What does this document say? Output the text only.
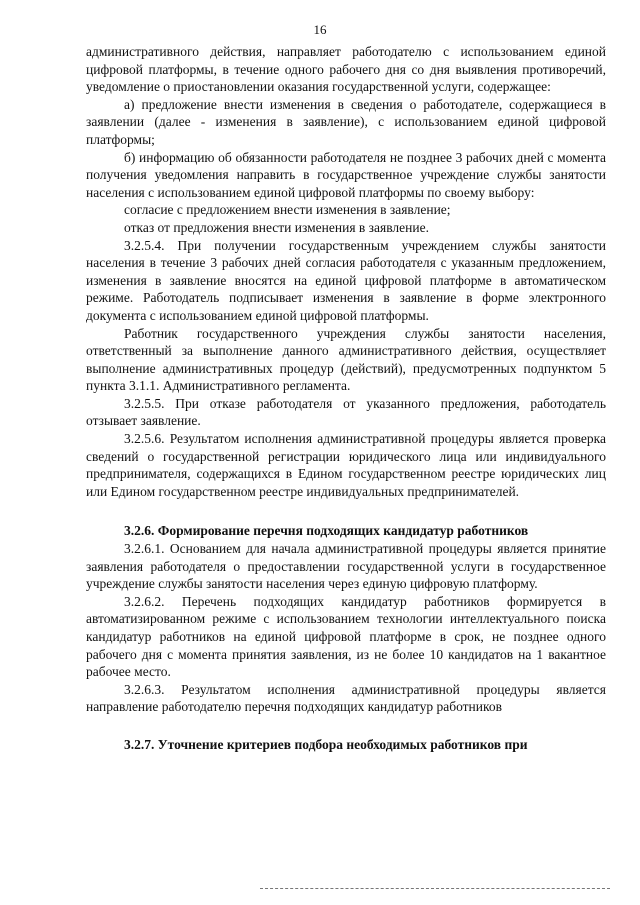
16

административного действия, направляет работодателю с использованием единой цифровой платформы, в течение одного рабочего дня со дня выявления противоречий, уведомление о приостановлении оказания государственной услуги, содержащее:

а) предложение внести изменения в сведения о работодателе, содержащиеся в заявлении (далее - изменения в заявление), с использованием единой цифровой платформы;

б) информацию об обязанности работодателя не позднее 3 рабочих дней с момента получения уведомления направить в государственное учреждение службы занятости населения с использованием единой цифровой платформы по своему выбору:

согласие с предложением внести изменения в заявление;

отказ от предложения внести изменения в заявление.

3.2.5.4. При получении государственным учреждением службы занятости населения в течение 3 рабочих дней согласия работодателя с указанным предложением, изменения в заявление вносятся на единой цифровой платформе в автоматическом режиме. Работодатель подписывает изменения в заявление в форме электронного документа с использованием единой цифровой платформы.

Работник государственного учреждения службы занятости населения, ответственный за выполнение данного административного действия, осуществляет выполнение административных процедур (действий), предусмотренных подпунктом 5 пункта 3.1.1. Административного регламента.

3.2.5.5. При отказе работодателя от указанного предложения, работодатель отзывает заявление.

3.2.5.6. Результатом исполнения административной процедуры является проверка сведений о государственной регистрации юридического лица или индивидуального предпринимателя, содержащихся в Едином государственном реестре юридических лиц или Едином государственном реестре индивидуальных предпринимателей.

3.2.6. Формирование перечня подходящих кандидатур работников

3.2.6.1. Основанием для начала административной процедуры является принятие заявления работодателя о предоставлении государственной услуги в государственное учреждение службы занятости населения через единую цифровую платформу.

3.2.6.2. Перечень подходящих кандидатур работников формируется в автоматизированном режиме с использованием технологии интеллектуального поиска кандидатур работников на единой цифровой платформе в срок, не позднее одного рабочего дня с момента принятия заявления, из не более 10 кандидатов на 1 вакантное рабочее место.

3.2.6.3. Результатом исполнения административной процедуры является направление работодателю перечня подходящих кандидатур работников

3.2.7. Уточнение критериев подбора необходимых работников при
